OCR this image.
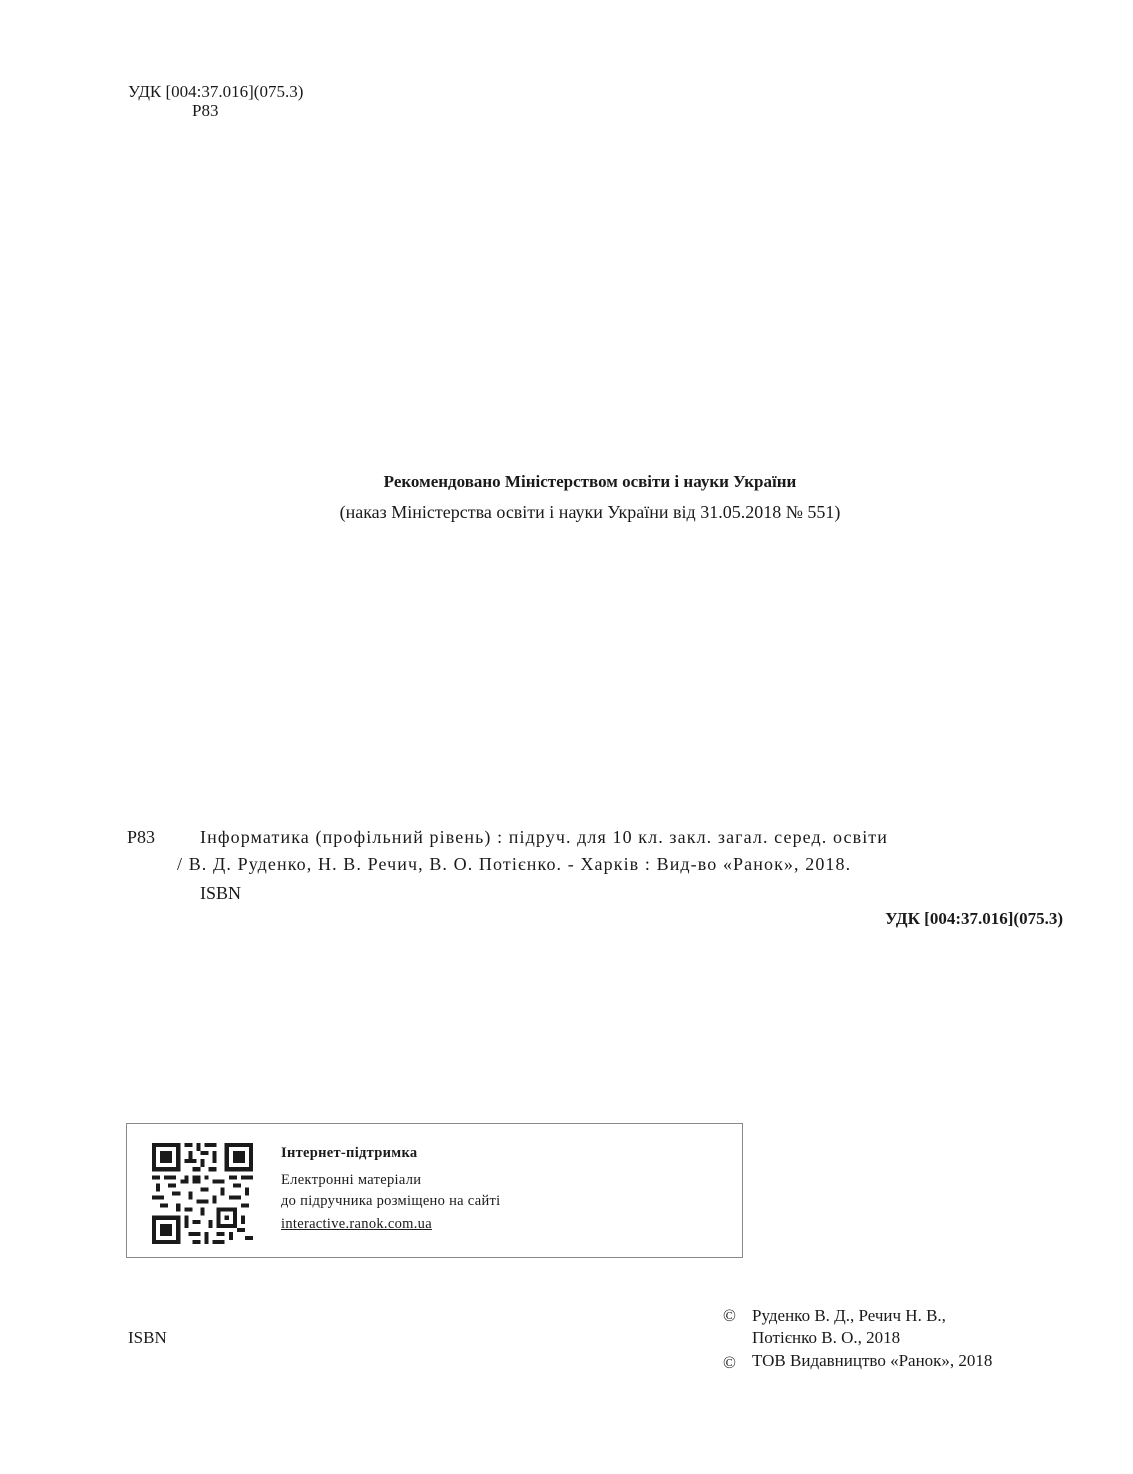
УДК [004:37.016](075.3)
Р83
Рекомендовано Міністерством освіти і науки України
(наказ Міністерства освіти і науки України від 31.05.2018 № 551)
Р83 Інформатика (профільний рівень) : підруч. для 10 кл. закл. загал. серед. освіти
/ В. Д. Руденко, Н. В. Речич, В. О. Потієнко. - Харків : Вид-во «Ранок», 2018.
ISBN
УДК [004:37.016](075.3)
Інтернет-підтримка
Електронні матеріали
до підручника розміщено на сайті
interactive.ranok.com.ua
ISBN
© Руденко В. Д., Речич Н. В.,
Потієнко В. О., 2018
© ТОВ Видавництво «Ранок», 2018
